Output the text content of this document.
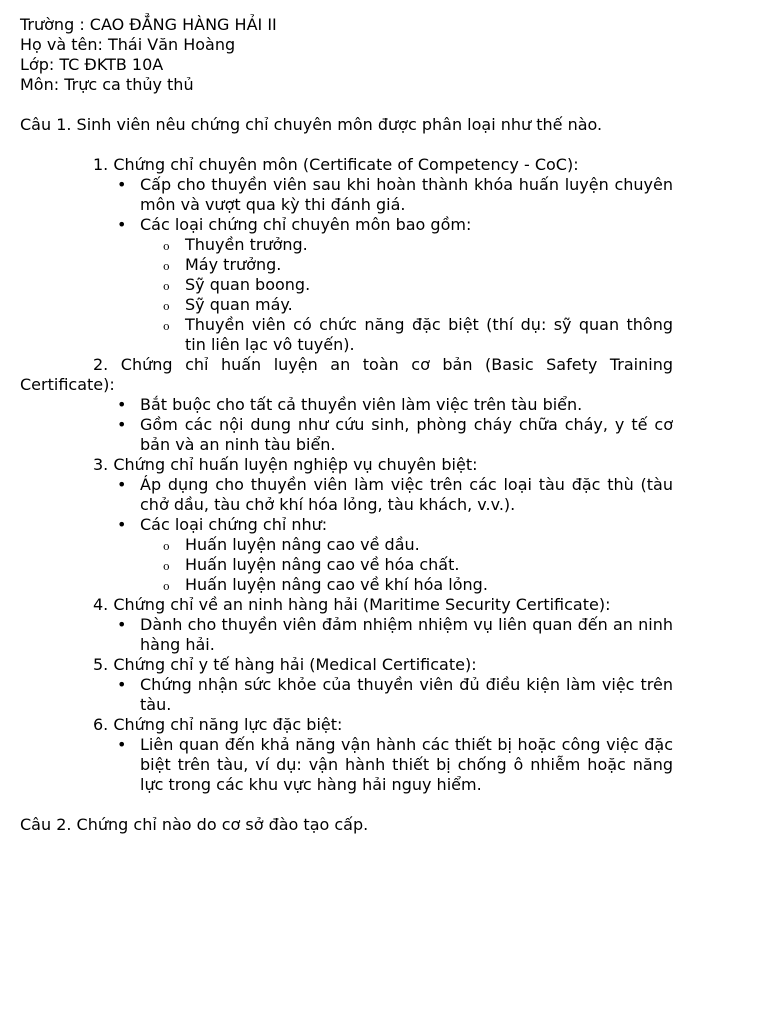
Trường : CAO ĐẲNG HÀNG HẢI II

Họ và tên: Thái Văn Hoàng

Lớp: TC ĐKTB 10A

Môn: Trực ca thủy thủ

Câu 1. Sinh viên nêu chứng chỉ chuyên môn được phân loại như thế nào.

1. Chứng chỉ chuyên môn (Certificate of Competency - CoC):

• Cấp cho thuyền viên sau khi hoàn thành khóa huấn luyện chuyên môn và vượt qua kỳ thi đánh giá.
• Các loại chứng chỉ chuyên môn bao gồm:
o Thuyền trưởng.
o Máy trưởng.
o Sỹ quan boong.
o Sỹ quan máy.
o Thuyền viên có chức năng đặc biệt (thí dụ: sỹ quan thông tin liên lạc vô tuyến).

2. Chứng chỉ huấn luyện an toàn cơ bản (Basic Safety Training Certificate):

• Bắt buộc cho tất cả thuyền viên làm việc trên tàu biển.
• Gồm các nội dung như cứu sinh, phòng cháy chữa cháy, y tế cơ bản và an ninh tàu biển.

3. Chứng chỉ huấn luyện nghiệp vụ chuyên biệt:

• Áp dụng cho thuyền viên làm việc trên các loại tàu đặc thù (tàu chở dầu, tàu chở khí hóa lỏng, tàu khách, v.v.).
• Các loại chứng chỉ như:
o Huấn luyện nâng cao về dầu.
o Huấn luyện nâng cao về hóa chất.
o Huấn luyện nâng cao về khí hóa lỏng.

4. Chứng chỉ về an ninh hàng hải (Maritime Security Certificate):

• Dành cho thuyền viên đảm nhiệm nhiệm vụ liên quan đến an ninh hàng hải.

5. Chứng chỉ y tế hàng hải (Medical Certificate):

• Chứng nhận sức khỏe của thuyền viên đủ điều kiện làm việc trên tàu.

6. Chứng chỉ năng lực đặc biệt:

• Liên quan đến khả năng vận hành các thiết bị hoặc công việc đặc biệt trên tàu, ví dụ: vận hành thiết bị chống ô nhiễm hoặc năng lực trong các khu vực hàng hải nguy hiểm.

Câu 2. Chứng chỉ nào do cơ sở đào tạo cấp.
